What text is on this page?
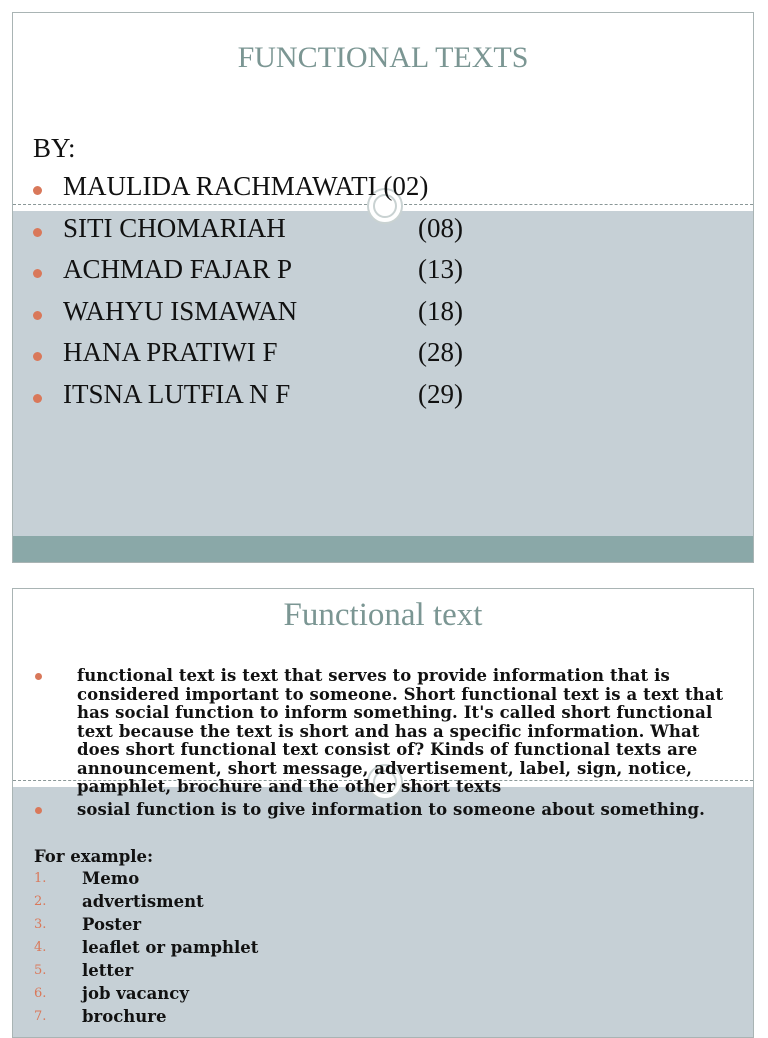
FUNCTIONAL TEXTS
BY:
MAULIDA RACHMAWATI (02)
SITI CHOMARIAH	(08)
ACHMAD FAJAR P	(13)
WAHYU ISMAWAN	(18)
HANA PRATIWI F	(28)
ITSNA LUTFIA N F	(29)
Functional text
functional text is text that serves to provide information that is considered important to someone. Short functional text is a text that has social function to inform something. It's called short functional text because the text is short and has a specific information. What does short functional text consist of? Kinds of functional texts are announcement, short message, advertisement, label, sign, notice, pamphlet, brochure and the other short texts
sosial function is to give information to someone about something.
For example:
1. Memo
2. advertisment
3. Poster
4. leaflet or pamphlet
5. letter
6. job vacancy
7. brochure
